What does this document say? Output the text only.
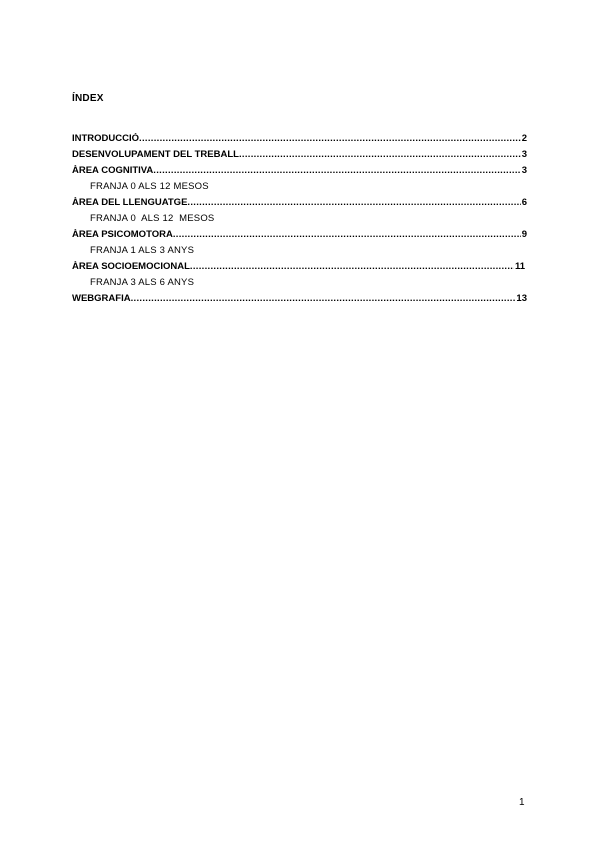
ÍNDEX
INTRODUCCIÓ .....	2
DESENVOLUPAMENT DEL TREBALL .....	3
ÀREA COGNITIVA .....	3
FRANJA 0 ALS 12 MESOS
ÀREA DEL LLENGUATGE .....	6
FRANJA 0  ALS 12  MESOS
ÀREA PSICOMOTORA .....	9
FRANJA 1 ALS 3 ANYS
ÀREA SOCIOEMOCIONAL .....	11
FRANJA 3 ALS 6 ANYS
WEBGRAFIA .....	13
1
